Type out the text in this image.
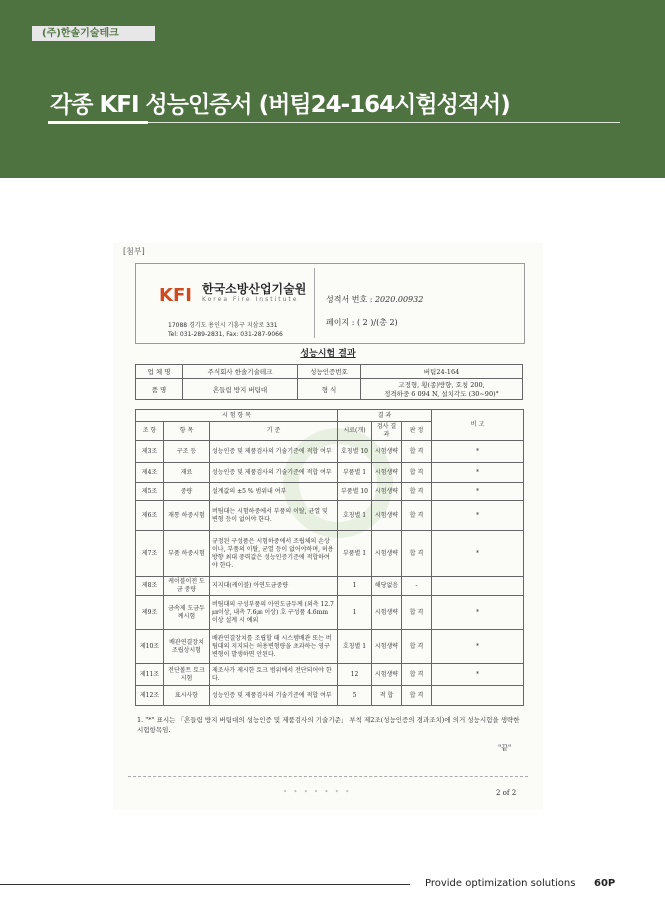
(주)한솔기술테크
각종 KFI 성능인증서 (버팀24-164시험성적서)
[첨부]
KFI 한국소방산업기술원
Korea Fire Institute
17088 경기도 용인시 기흥구 지삼로 331
Tel: 031-289-2831, Fax: 031-287-9066
성적서 번호 : 2020.00932
페이지 : ( 2 )/(총 2)
성능시험 결과
업 체 명	주식회사 한솔기술테크	성능인증번호	버팀24-164
품 명	흔들림 방지 버팀대	형 식	고정형, 횡(종)방향, 호칭 200,
정격하중 6 094 N, 설치각도 (30~90)°
시 험 항 목			결 과			비 고
조 항	항 목	기 준	시료(개)	검사 결과	판 정	
제3조	구조 등	성능인증 및 제품검사의 기술기준에 적합 여부	호칭별 10	시험생략	합 격	*
제4조	재료	성능인증 및 제품검사의 기술기준에 적합 여부	부품별 1	시험생략	합 격	*
제5조	중량	설계값의 ±5 % 범위내 여부	부품별 10	시험생략	합 격	*
제6조	재통 하중시험	버팀대는 시험하중에서 부품의 이탈, 균열 및 변형 등이 없어야 한다.	호칭별 1	시험생략	합 격	*
제7조	부품 하중시험	규정된 구성품은 시험하중에서 조립체의 손상이나, 부품의 이탈, 균열 등이 없어야하며, 허용방향 최대 중력값은 성능인증기준에 적합하여야 한다.	부품별 1	시험생략	합 격	*
제8조	케이블이전 도금 중량	지지대(케이블) 아연도금중량	1	해당없음	-	
제9조	금속제 도금두께시험	버팀대의 구성부품의 아연도금두께 (외측 12.7㎛이상, 내측 7.6㎛ 이상) 호 구성품 4.6mm 이상 설계 시 예외	1	시험생략	합 격	*
제10조	배관연결장치 조립상시험	배관연결장치를 조립할 때 시스템배관 또는 버팀대의 지지되는 허용변형량을 초과하는 영구변형이 발생하면 안된다.	호칭별 1	시험생략	합 격	*
제11조	전단볼트 토크시험	제조사가 제시한 토크 범위에서 전단되어야 한다.	12	시험생략	합 격	*
제12조	표시사항	성능인증 및 제품검사의 기술기준에 적합 여부	5	적 합	합 격	
1. "*" 표시는 「흔들림 방지 버팀대의 성능인증 및 제품검사의 기술기준」 부칙 제2조(성능인증의 경과조치)에 의거 성능시험을 생략한 시험항목임.
"끝"
• • • • • • •	2 of 2
Provide optimization solutions 60P
